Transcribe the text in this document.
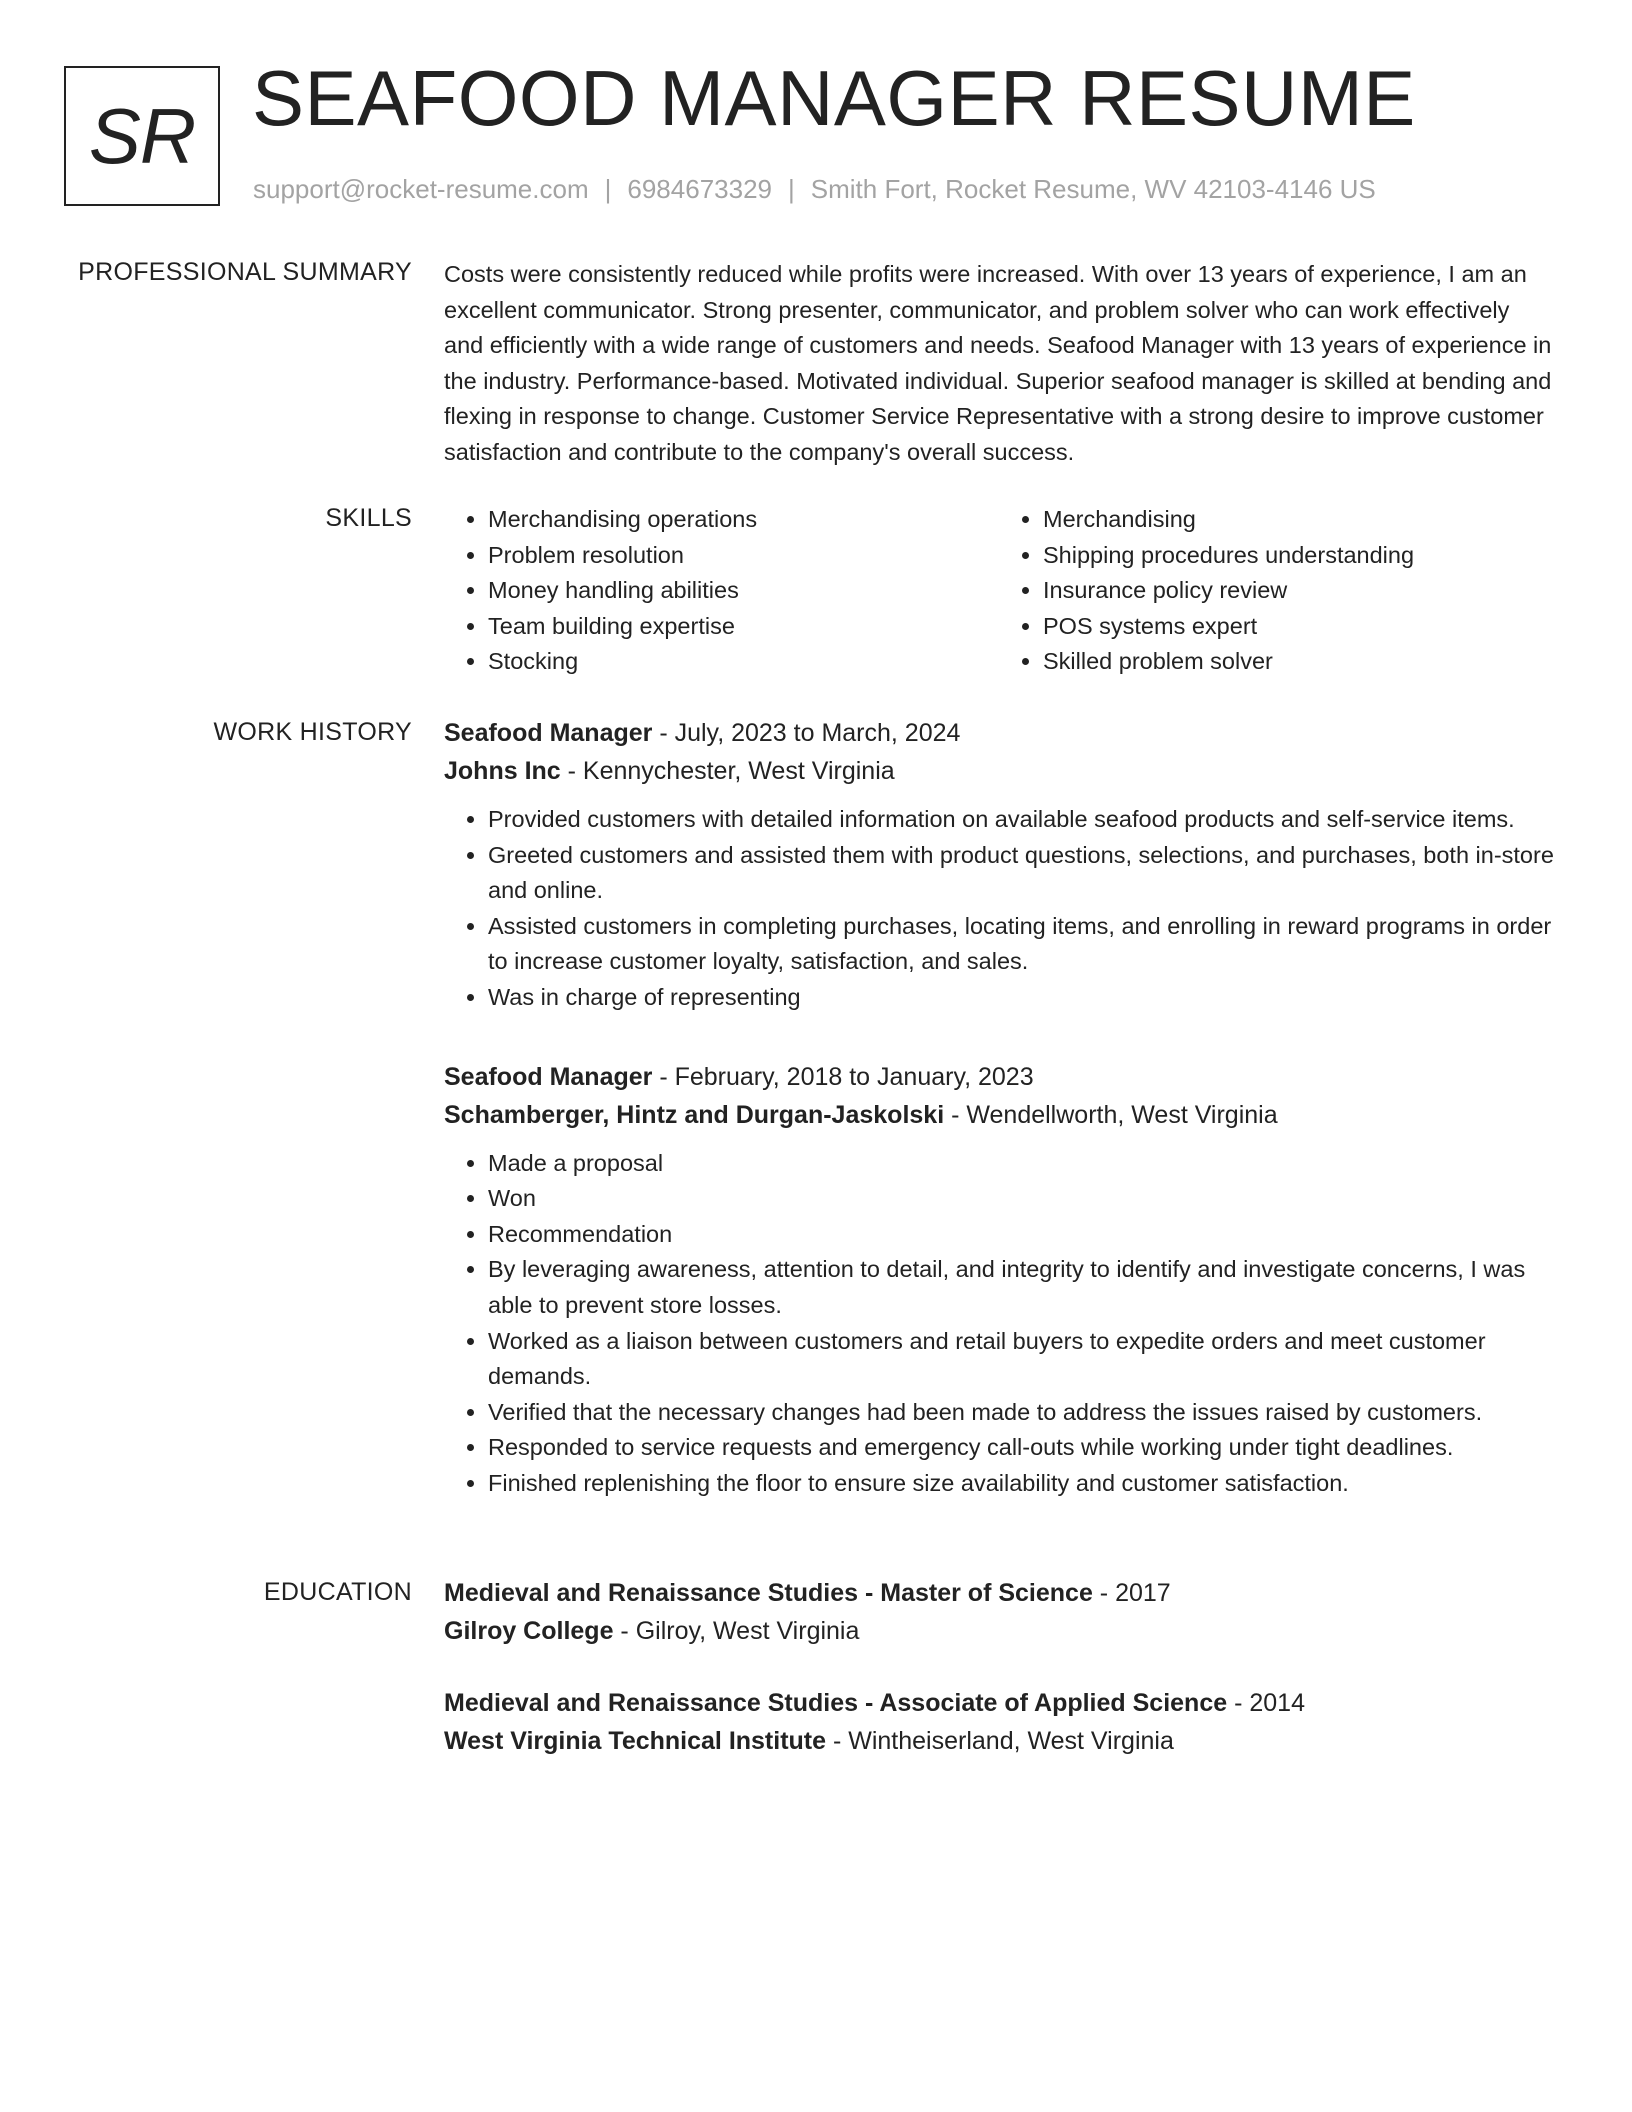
SR SEAFOOD MANAGER RESUME
support@rocket-resume.com | 6984673329 | Smith Fort, Rocket Resume, WV 42103-4146 US
PROFESSIONAL SUMMARY Costs were consistently reduced while profits were increased. With over 13 years of experience, I am an excellent communicator. Strong presenter, communicator, and problem solver who can work effectively and efficiently with a wide range of customers and needs. Seafood Manager with 13 years of experience in the industry. Performance-based. Motivated individual. Superior seafood manager is skilled at bending and flexing in response to change. Customer Service Representative with a strong desire to improve customer satisfaction and contribute to the company's overall success.

SKILLS
•	Merchandising operations
• Problem resolution
• Money handling abilities
• Team building expertise
• Stocking
• Merchandising
• Shipping procedures understanding
• Insurance policy review
• POS systems expert
• Skilled problem solver
WORK HISTORY Seafood Manager - July, 2023 to March, 2024
Johns Inc - Kennychester, West Virginia
• Provided customers with detailed information on available seafood products and self-service items.
• Greeted customers and assisted them with product questions, selections, and purchases, both in-store and online.
• Assisted customers in completing purchases, locating items, and enrolling in reward programs in order to increase customer loyalty, satisfaction, and sales.
• Was in charge of representing
Seafood Manager - February, 2018 to January, 2023
Schamberger, Hintz and Durgan-Jaskolski - Wendellworth, West Virginia
• Made a proposal
• Won
• Recommendation
• By leveraging awareness, attention to detail, and integrity to identify and investigate concerns, I was able to prevent store losses.
• Worked as a liaison between customers and retail buyers to expedite orders and meet customer demands.
• Verified that the necessary changes had been made to address the issues raised by customers.
• Responded to service requests and emergency call-outs while working under tight deadlines.
• Finished replenishing the floor to ensure size availability and customer satisfaction.
EDUCATION Medieval and Renaissance Studies - Master of Science - 2017
Gilroy College - Gilroy, West Virginia
Medieval and Renaissance Studies - Associate of Applied Science - 2014
West Virginia Technical Institute - Wintheiserland, West Virginia
